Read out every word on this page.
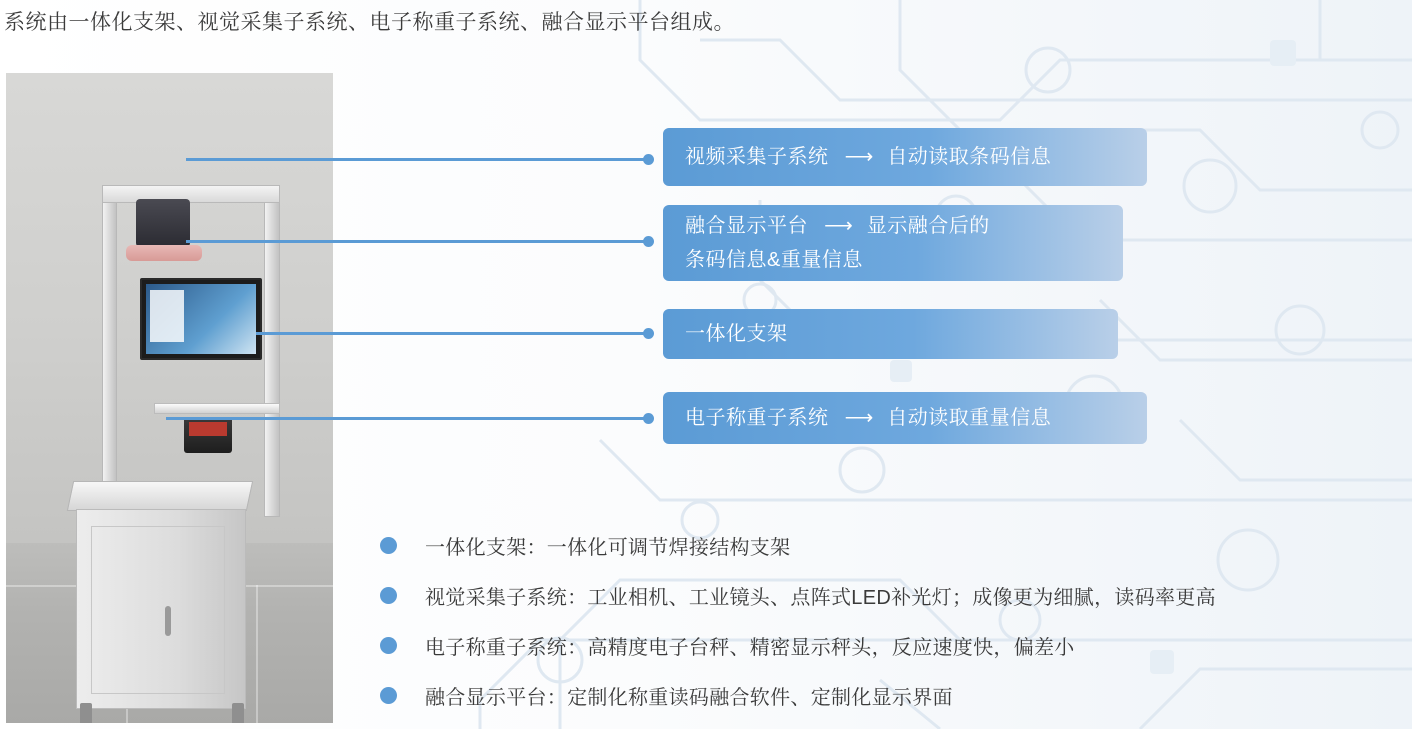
系统由一体化支架、视觉采集子系统、电子称重子系统、融合显示平台组成。
视频采集子系统 ⟶ 自动读取条码信息
融合显示平台 ⟶ 显示融合后的
条码信息&重量信息
一体化支架
电子称重子系统 ⟶ 自动读取重量信息
一体化支架：一体化可调节焊接结构支架
视觉采集子系统：工业相机、工业镜头、点阵式LED补光灯；成像更为细腻，读码率更高
电子称重子系统：高精度电子台秤、精密显示秤头，反应速度快，偏差小
融合显示平台：定制化称重读码融合软件、定制化显示界面
